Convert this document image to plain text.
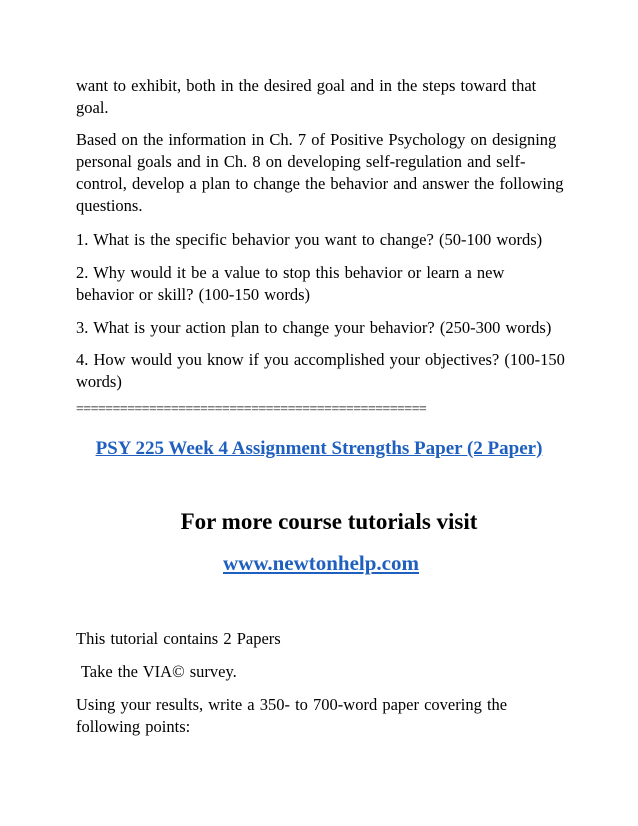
want to exhibit, both in the desired goal and in the steps toward that goal.

Based on the information in Ch. 7 of Positive Psychology on designing personal goals and in Ch. 8 on developing self-regulation and self-control, develop a plan to change the behavior and answer the following questions.

1. What is the specific behavior you want to change? (50-100 words)

2. Why would it be a value to stop this behavior or learn a new behavior or skill? (100-150 words)

3. What is your action plan to change your behavior? (250-300 words)

4. How would you know if you accomplished your objectives? (100-150 words)

================================================

PSY 225 Week 4 Assignment Strengths Paper (2 Paper)
For more course tutorials visit
www.newtonhelp.com

This tutorial contains 2 Papers

Take the VIA© survey.

Using your results, write a 350- to 700-word paper covering the following points:
